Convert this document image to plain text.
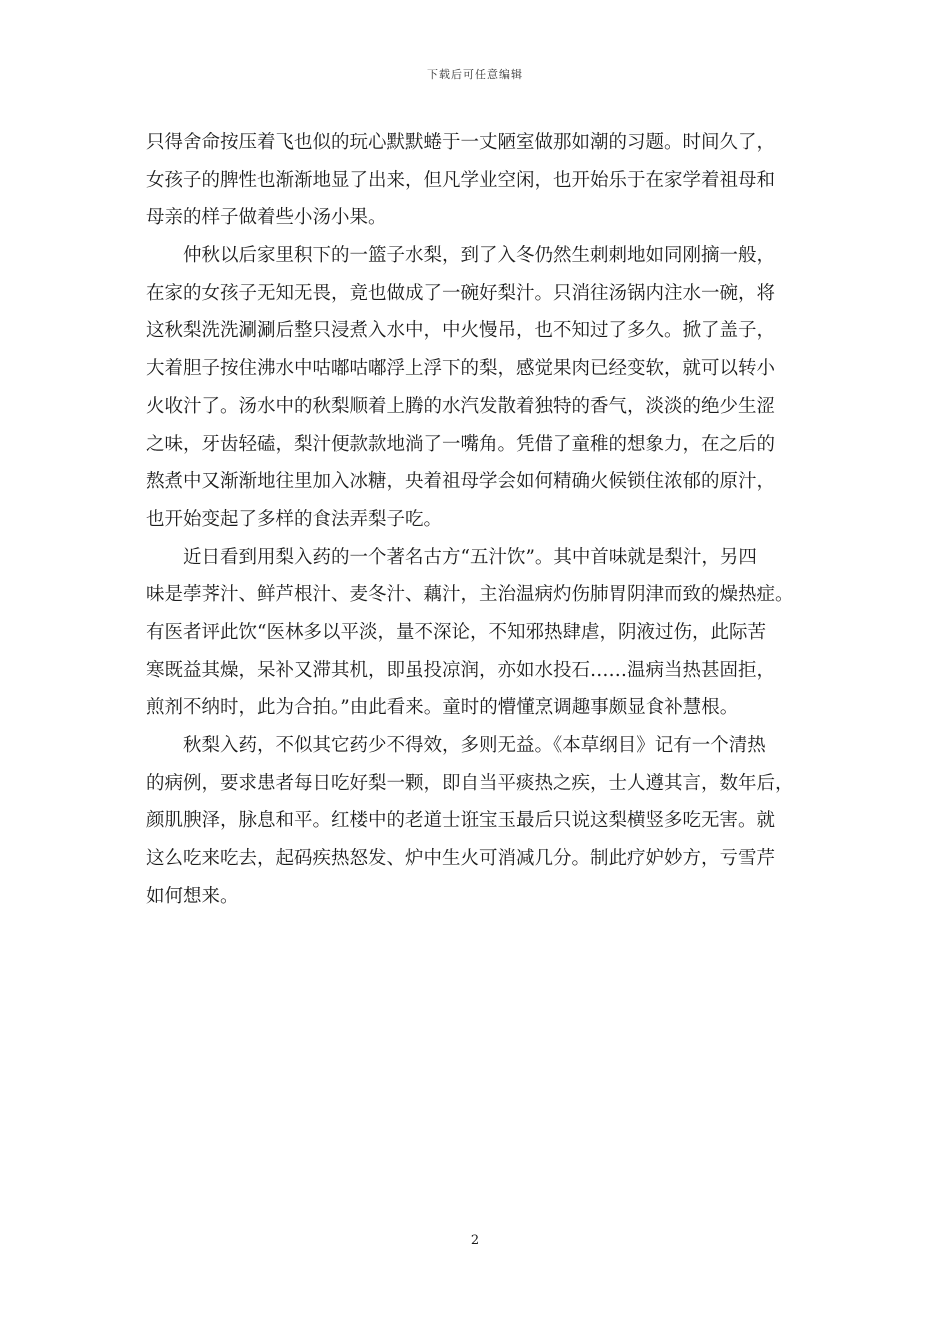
下载后可任意编辑
只得舍命按压着飞也似的玩心默默蜷于一丈陋室做那如潮的习题。时间久了，
女孩子的脾性也渐渐地显了出来，但凡学业空闲，也开始乐于在家学着祖母和
母亲的样子做着些小汤小果。
仲秋以后家里积下的一篮子水梨，到了入冬仍然生刺刺地如同刚摘一般，
在家的女孩子无知无畏，竟也做成了一碗好梨汁。只消往汤锅内注水一碗，将
这秋梨洗洗涮涮后整只浸煮入水中，中火慢吊，也不知过了多久。掀了盖子，
大着胆子按住沸水中咕嘟咕嘟浮上浮下的梨，感觉果肉已经变软，就可以转小
火收汁了。汤水中的秋梨顺着上腾的水汽发散着独特的香气，淡淡的绝少生涩
之味，牙齿轻磕，梨汁便款款地淌了一嘴角。凭借了童稚的想象力，在之后的
熬煮中又渐渐地往里加入冰糖，央着祖母学会如何精确火候锁住浓郁的原汁，
也开始变起了多样的食法弄梨子吃。
近日看到用梨入药的一个著名古方“五汁饮”。其中首味就是梨汁，另四
味是荸荠汁、鲜芦根汁、麦冬汁、藕汁，主治温病灼伤肺胃阴津而致的燥热症。
有医者评此饮“医林多以平淡，量不深论，不知邪热肆虐，阴液过伤，此际苦
寒既益其燥，呆补又滞其机，即虽投凉润，亦如水投石……温病当热甚固拒，
煎剂不纳时，此为合拍。”由此看来。童时的懵懂烹调趣事颇显食补慧根。
秋梨入药，不似其它药少不得效，多则无益。《本草纲目》记有一个清热
的病例，要求患者每日吃好梨一颗，即自当平痰热之疾，士人遵其言，数年后，
颜肌腴泽，脉息和平。红楼中的老道士诳宝玉最后只说这梨横竖多吃无害。就
这么吃来吃去，起码疾热怒发、炉中生火可消减几分。制此疗妒妙方，亏雪芹
如何想来。
2
